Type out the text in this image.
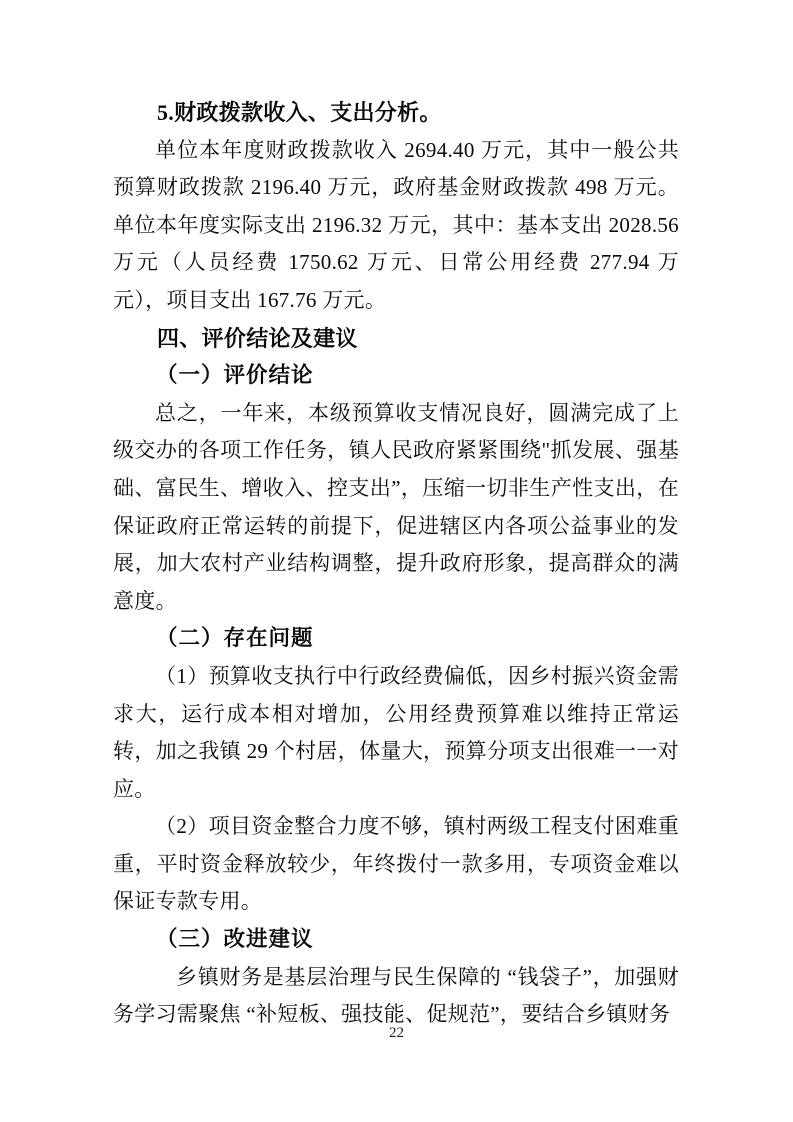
5.财政拨款收入、支出分析。

单位本年度财政拨款收入 2694.40 万元，其中一般公共预算财政拨款 2196.40 万元，政府基金财政拨款 498 万元。单位本年度实际支出 2196.32 万元，其中：基本支出 2028.56 万元（人员经费 1750.62 万元、日常公用经费 277.94 万元），项目支出 167.76 万元。

四、评价结论及建议
（一）评价结论

总之，一年来，本级预算收支情况良好，圆满完成了上级交办的各项工作任务，镇人民政府紧紧围绕"抓发展、强基础、富民生、增收入、控支出”，压缩一切非生产性支出，在保证政府正常运转的前提下，促进辖区内各项公益事业的发展，加大农村产业结构调整，提升政府形象，提高群众的满意度。

（二）存在问题

（1）预算收支执行中行政经费偏低，因乡村振兴资金需求大，运行成本相对增加，公用经费预算难以维持正常运转，加之我镇 29 个村居，体量大，预算分项支出很难一一对应。

（2）项目资金整合力度不够，镇村两级工程支付困难重重，平时资金释放较少，年终拨付一款多用，专项资金难以保证专款专用。

（三）改进建议

乡镇财务是基层治理与民生保障的 “钱袋子”，加强财务学习需聚焦 “补短板、强技能、促规范”，要结合乡镇财务

22
